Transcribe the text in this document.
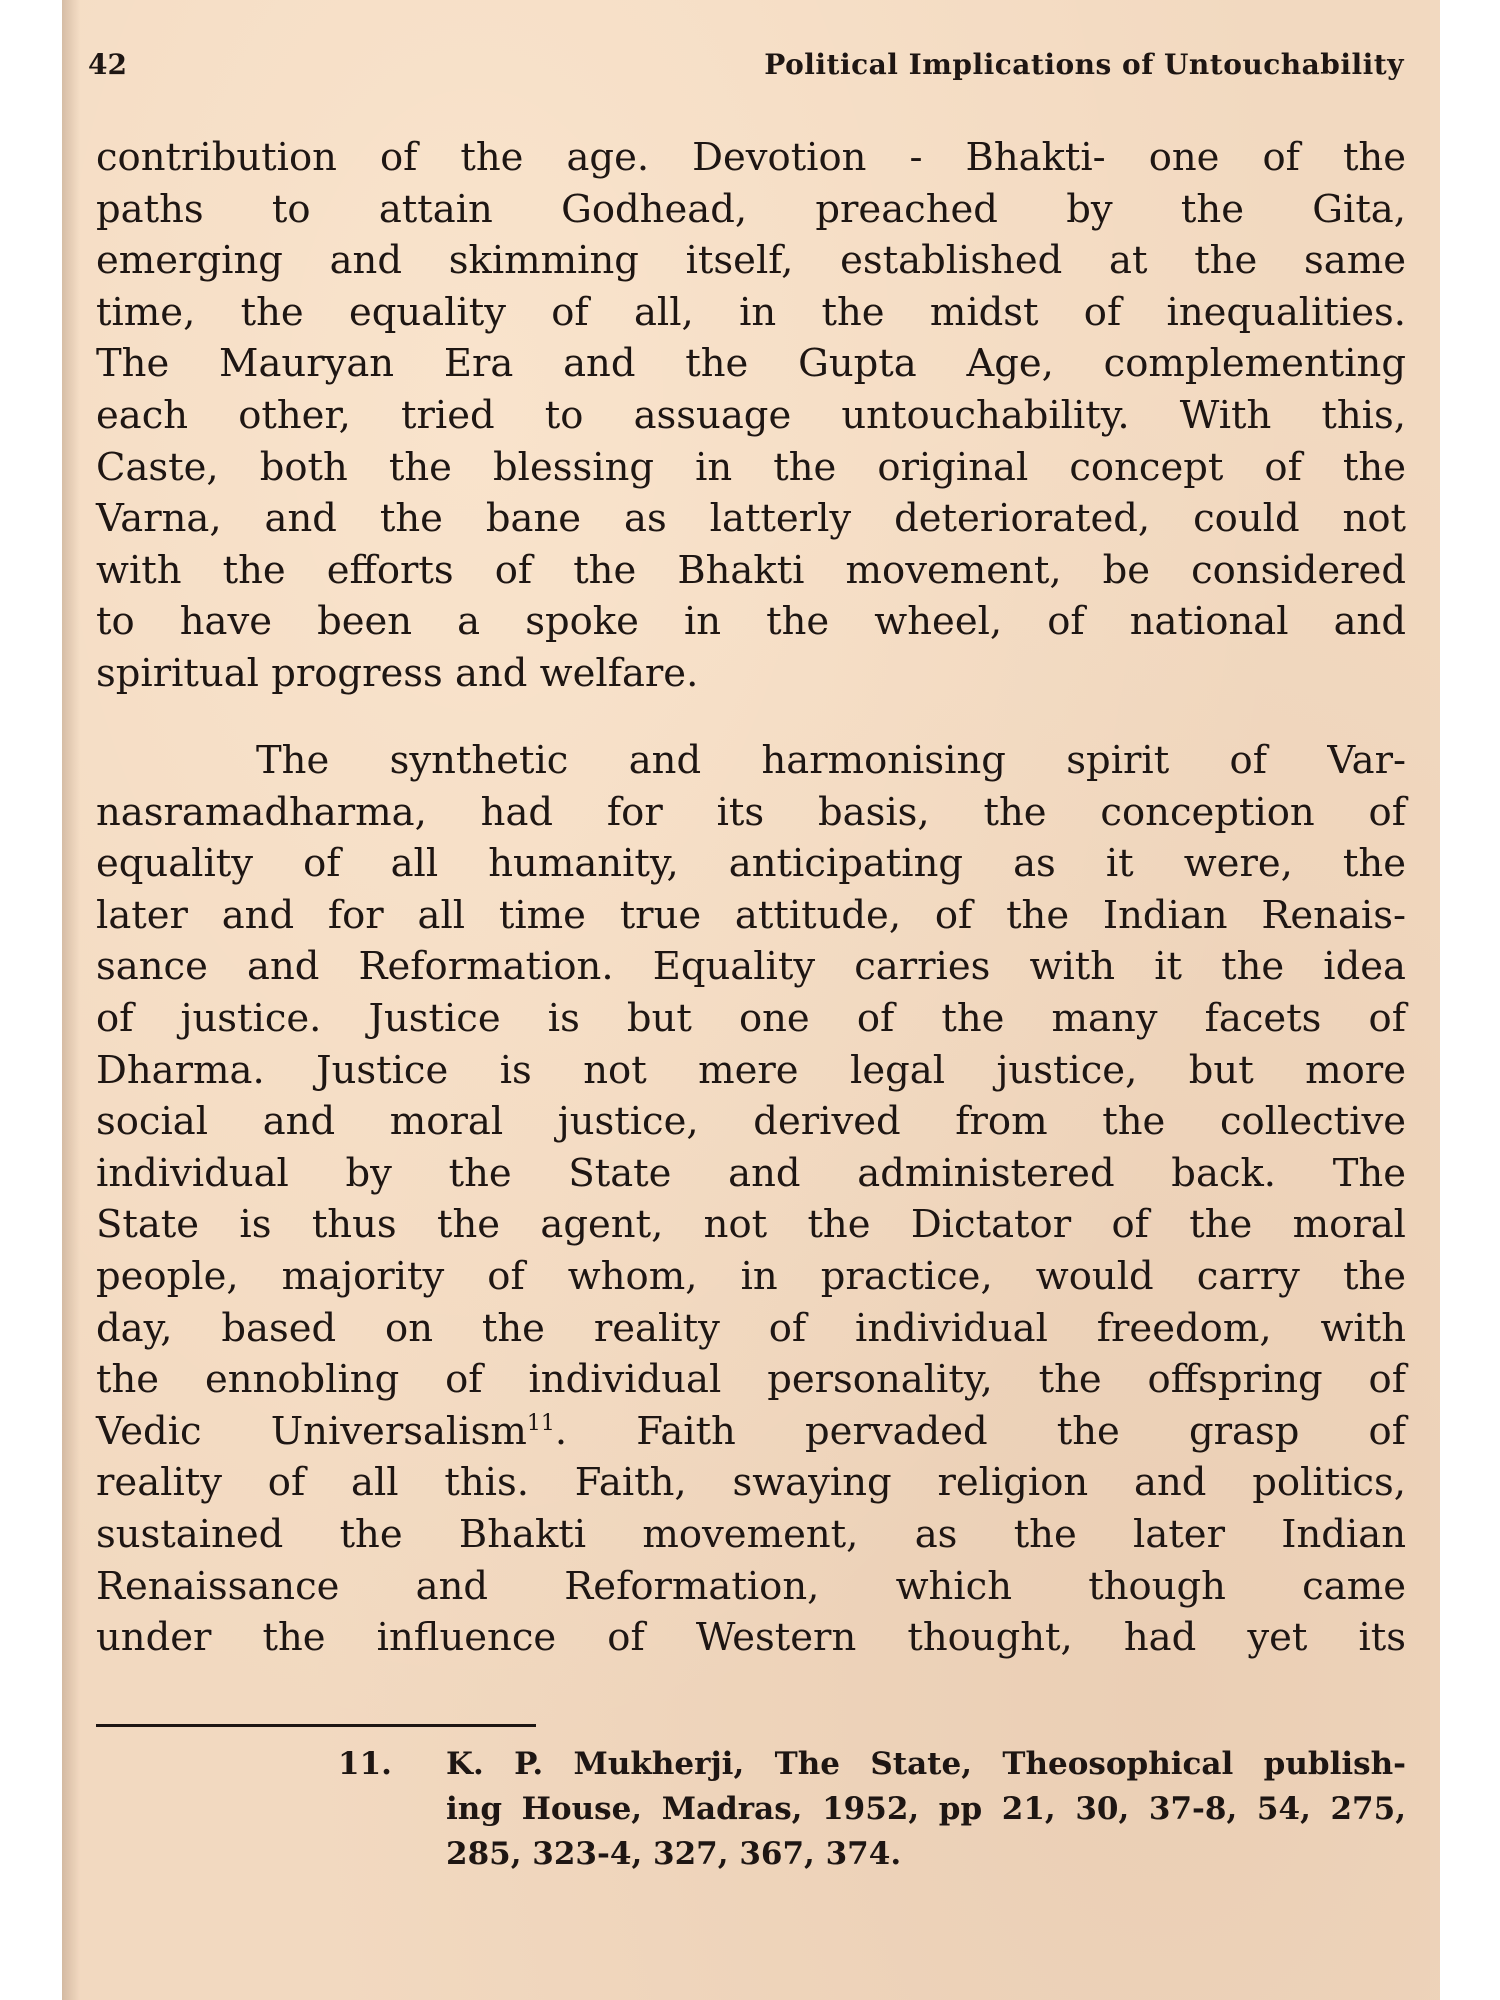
42	Political Implications of Untouchability
contribution of the age. Devotion - Bhakti- one of the
paths to attain Godhead, preached by the Gita,
emerging and skimming itself, established at the same
time, the equality of all, in the midst of inequalities.
The Mauryan Era and the Gupta Age, complementing
each other, tried to assuage untouchability. With this,
Caste, both the blessing in the original concept of the
Varna, and the bane as latterly deteriorated, could not
with the efforts of the Bhakti movement, be considered
to have been a spoke in the wheel, of national and
spiritual progress and welfare.
The synthetic and harmonising spirit of Var-
nasramadharma, had for its basis, the conception of
equality of all humanity, anticipating as it were, the
later and for all time true attitude, of the Indian Renais-
sance and Reformation. Equality carries with it the idea
of justice. Justice is but one of the many facets of
Dharma. Justice is not mere legal justice, but more
social and moral justice, derived from the collective
individual by the State and administered back. The
State is thus the agent, not the Dictator of the moral
people, majority of whom, in practice, would carry the
day, based on the reality of individual freedom, with
the ennobling of individual personality, the offspring of
Vedic Universalism$^{11}$. Faith pervaded the grasp of
reality of all this. Faith, swaying religion and politics,
sustained the Bhakti movement, as the later Indian
Renaissance and Reformation, which though came
under the influence of Western thought, had yet its
11. K. P. Mukherji, The State, Theosophical publish-
ing House, Madras, 1952, pp 21, 30, 37-8, 54, 275,
285, 323-4, 327, 367, 374.
